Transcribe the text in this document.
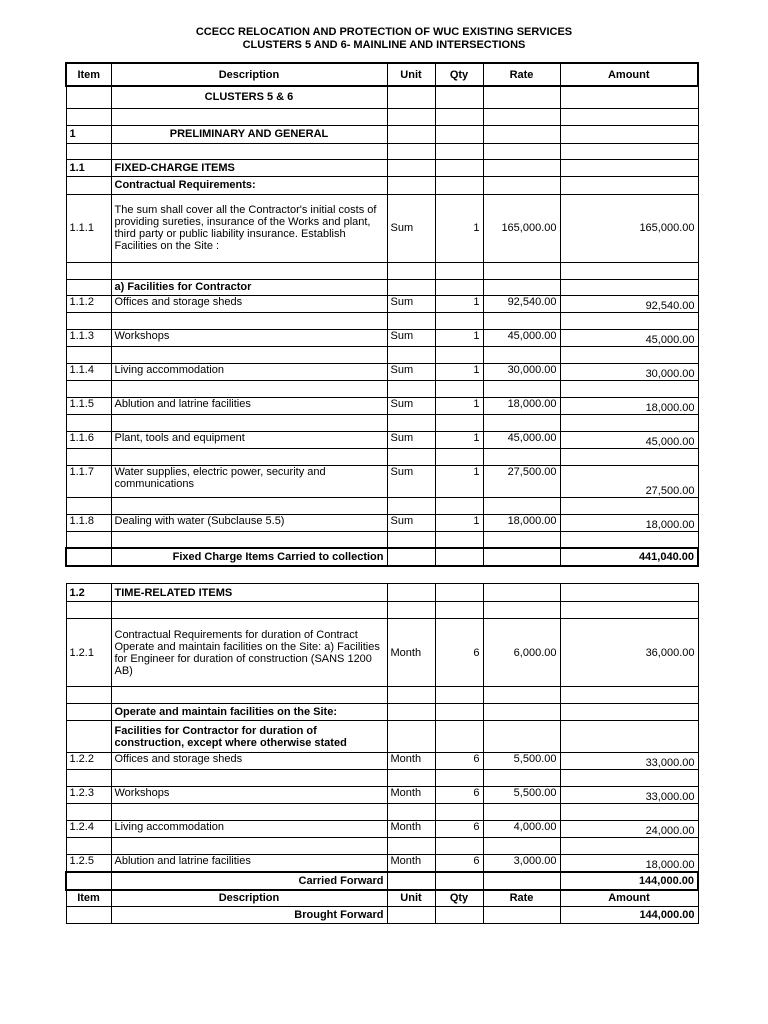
CCECC RELOCATION AND PROTECTION OF WUC EXISTING SERVICES
CLUSTERS 5 AND 6- MAINLINE AND INTERSECTIONS
Item	Description	Unit	Qty	Rate	Amount
	CLUSTERS 5 & 6				

1	PRELIMINARY AND GENERAL				

1.1	FIXED-CHARGE ITEMS				
	Contractual Requirements:				
1.1.1	The sum shall cover all the Contractor's initial costs of providing sureties, insurance of the Works and plant, third party or public liability insurance. Establish Facilities on the Site :	Sum	1	165,000.00	165,000.00

	a) Facilities for Contractor				
1.1.2	Offices and storage sheds	Sum	1	92,540.00	92,540.00

1.1.3	Workshops	Sum	1	45,000.00	45,000.00

1.1.4	Living accommodation	Sum	1	30,000.00	30,000.00

1.1.5	Ablution and latrine facilities	Sum	1	18,000.00	18,000.00

1.1.6	Plant, tools and equipment	Sum	1	45,000.00	45,000.00

1.1.7	Water supplies, electric power, security and communications	Sum	1	27,500.00	27,500.00

1.1.8	Dealing with water (Subclause 5.5)	Sum	1	18,000.00	18,000.00

	Fixed Charge Items Carried to collection				441,040.00
1.2	TIME-RELATED ITEMS				

1.2.1	Contractual Requirements for duration of Contract Operate and maintain facilities on the Site: a) Facilities for Engineer for duration of construction (SANS 1200 AB)	Month	6	6,000.00	36,000.00

	Operate and maintain facilities on the Site:				
	Facilities for Contractor for duration of construction, except where otherwise stated				
1.2.2	Offices and storage sheds	Month	6	5,500.00	33,000.00

1.2.3	Workshops	Month	6	5,500.00	33,000.00

1.2.4	Living accommodation	Month	6	4,000.00	24,000.00

1.2.5	Ablution and latrine facilities	Month	6	3,000.00	18,000.00
	Carried Forward				144,000.00
Item	Description	Unit	Qty	Rate	Amount
	Brought Forward				144,000.00
